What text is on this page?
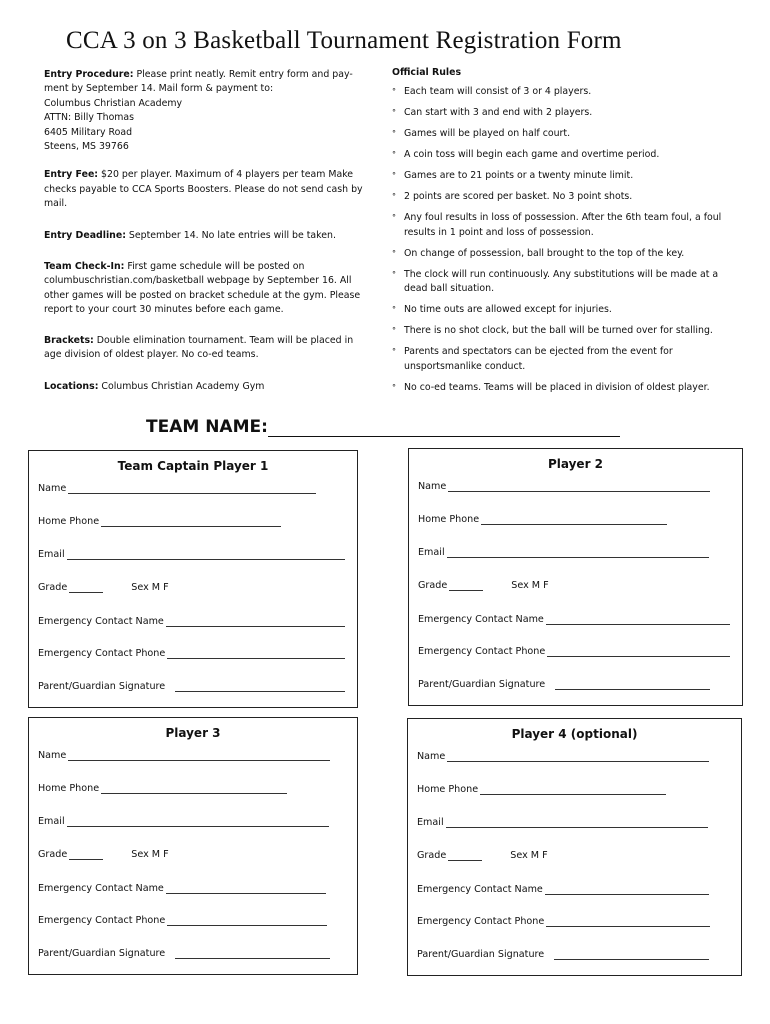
CCA 3 on 3 Basketball Tournament Registration Form

Entry Procedure: Please print neatly. Remit entry form and pay-ment by September 14. Mail form & payment to:
Columbus Christian Academy
ATTN: Billy Thomas
6405 Military Road
Steens, MS 39766

Entry Fee: $20 per player. Maximum of 4 players per team Make checks payable to CCA Sports Boosters. Please do not send cash by mail.

Entry Deadline: September 14. No late entries will be taken.

Team Check-In: First game schedule will be posted on columbuschristian.com/basketball webpage by September 16. All other games will be posted on bracket schedule at the gym. Please report to your court 30 minutes before each game.

Brackets: Double elimination tournament. Team will be placed in age division of oldest player. No co-ed teams.

Locations: Columbus Christian Academy Gym

Official Rules
° Each team will consist of 3 or 4 players.
° Can start with 3 and end with 2 players.
° Games will be played on half court.
° A coin toss will begin each game and overtime period.
° Games are to 21 points or a twenty minute limit.
° 2 points are scored per basket. No 3 point shots.
° Any foul results in loss of possession. After the 6th team foul, a foul results in 1 point and loss of possession.
° On change of possession, ball brought to the top of the key.
° The clock will run continuously. Any substitutions will be made at a dead ball situation.
° No time outs are allowed except for injuries.
° There is no shot clock, but the ball will be turned over for stalling.
° Parents and spectators can be ejected from the event for unsportsmanlike conduct.
° No co-ed teams. Teams will be placed in division of oldest player.
TEAM NAME:
Team Captain Player 1
Name
Home Phone
Email
Grade	Sex M F
Emergency Contact Name
Emergency Contact Phone
Parent/Guardian Signature
Player 2
Name
Home Phone
Email
Grade	Sex M F
Emergency Contact Name
Emergency Contact Phone
Parent/Guardian Signature
Player 3
Name
Home Phone
Email
Grade	Sex M F
Emergency Contact Name
Emergency Contact Phone
Parent/Guardian Signature
Player 4 (optional)
Name
Home Phone
Email
Grade	Sex M F
Emergency Contact Name
Emergency Contact Phone
Parent/Guardian Signature
